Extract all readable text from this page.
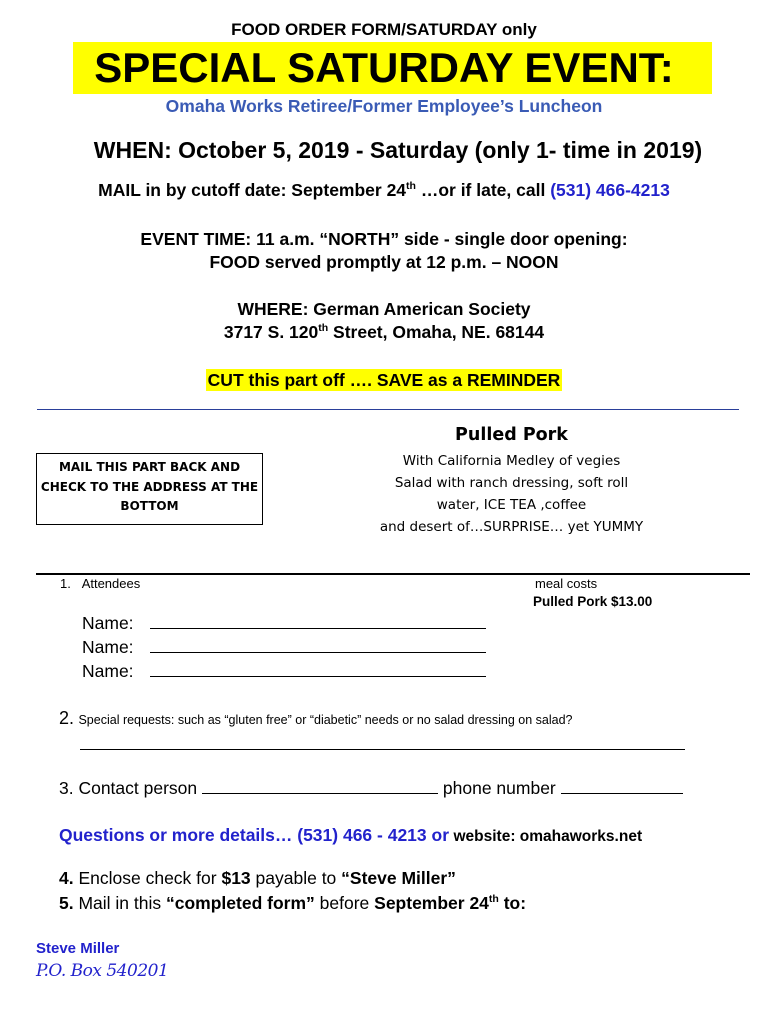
FOOD ORDER FORM/SATURDAY only
SPECIAL SATURDAY EVENT:
Omaha Works Retiree/Former Employee’s Luncheon
WHEN: October 5, 2019 - Saturday (only 1- time in 2019)
MAIL in by cutoff date: September 24th …or if late, call (531) 466-4213
EVENT TIME: 11 a.m. “NORTH” side - single door opening:
FOOD served promptly at 12 p.m. – NOON
WHERE: German American Society
3717 S. 120th Street, Omaha, NE. 68144
CUT this part off …. SAVE as a REMINDER
MAIL THIS PART BACK AND
CHECK TO THE ADDRESS AT THE
BOTTOM
Pulled Pork
With California Medley of vegies
Salad with ranch dressing, soft roll
water, ICE TEA ,coffee
and desert of…SURPRISE… yet YUMMY
1. Attendees	meal costs
Pulled Pork $13.00
Name:
Name:
Name:
2. Special requests: such as “gluten free” or “diabetic” needs or no salad dressing on salad?
3. Contact person	phone number
Questions or more details… (531) 466 - 4213 or website: omahaworks.net
4. Enclose check for $13 payable to “Steve Miller”
5. Mail in this “completed form” before September 24th to:
Steve Miller
P.O. Box 540201
